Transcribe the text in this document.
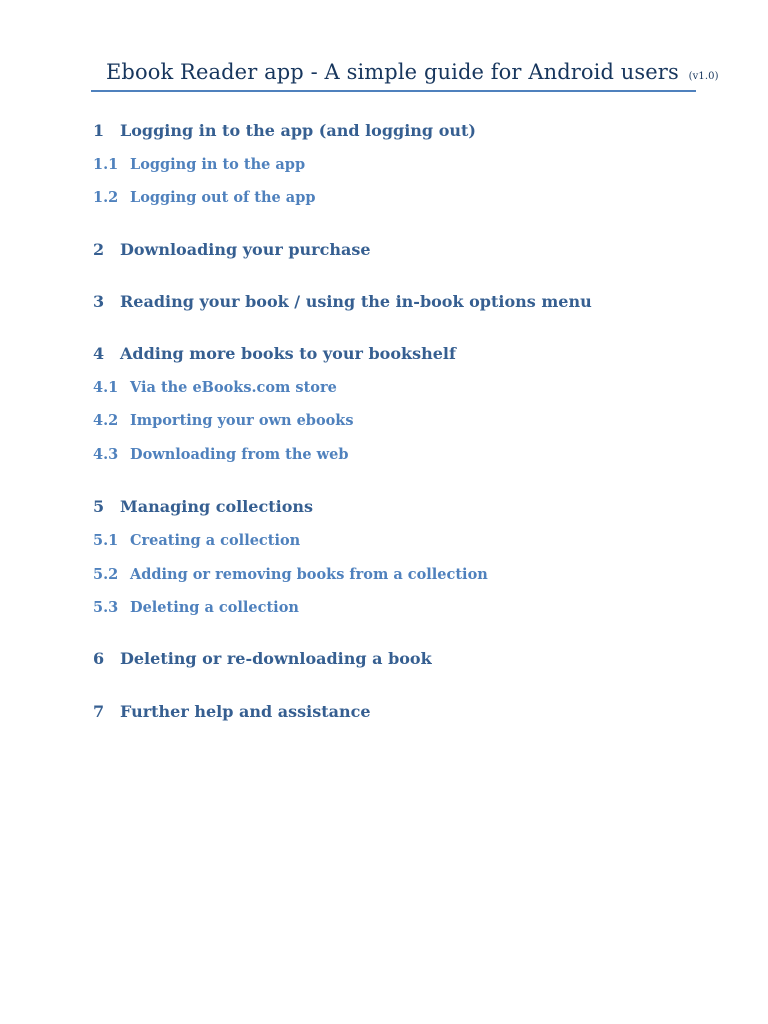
Ebook Reader app - A simple guide for Android users (v1.0)
1 Logging in to the app (and logging out)
1.1 Logging in to the app
1.2 Logging out of the app
2 Downloading your purchase
3 Reading your book / using the in-book options menu
4 Adding more books to your bookshelf
4.1 Via the eBooks.com store
4.2 Importing your own ebooks
4.3 Downloading from the web
5 Managing collections
5.1 Creating a collection
5.2 Adding or removing books from a collection
5.3 Deleting a collection
6 Deleting or re-downloading a book
7 Further help and assistance
